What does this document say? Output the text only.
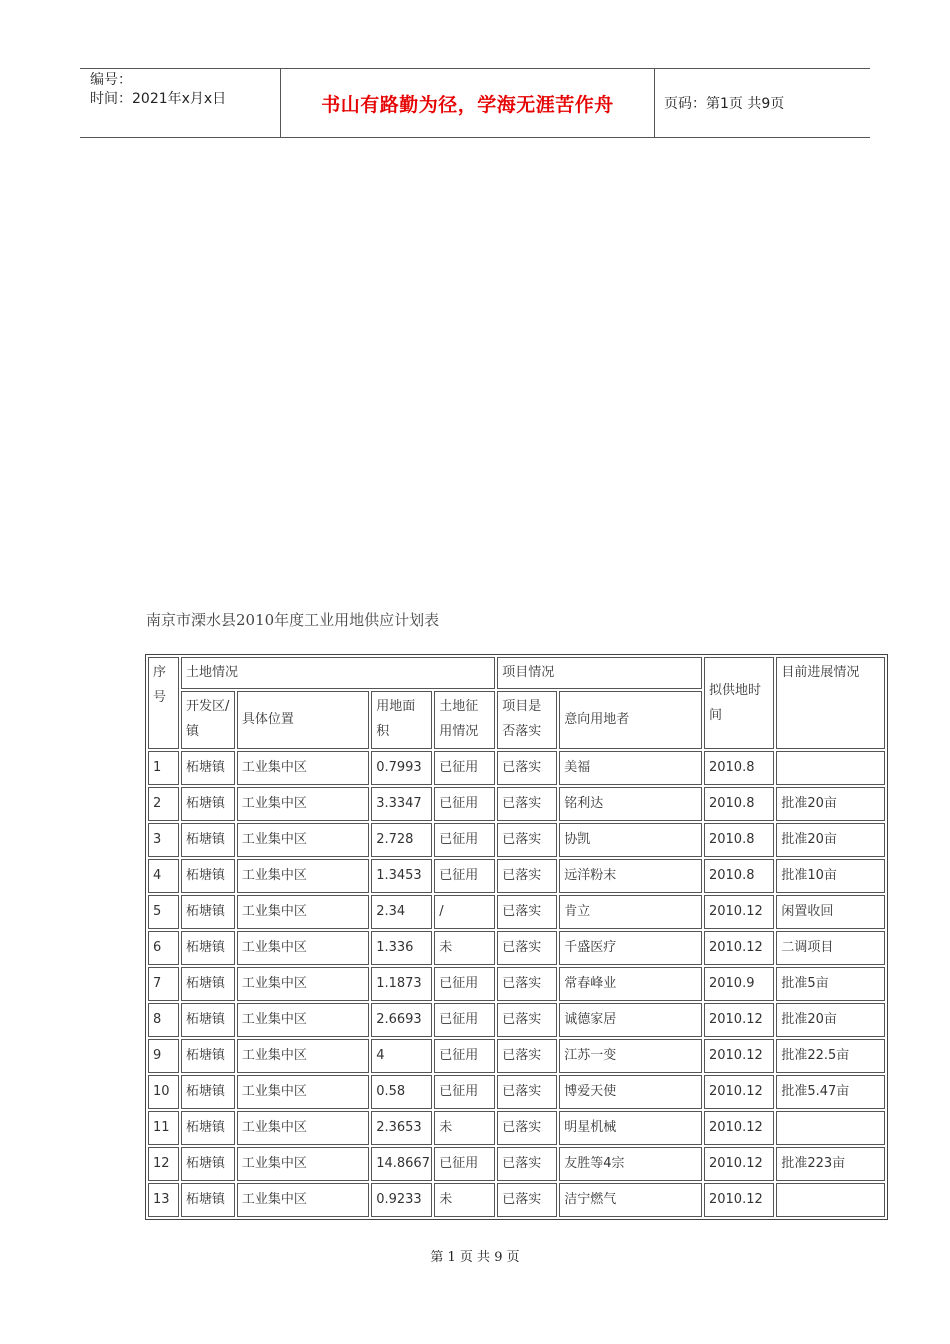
编号：
时间：2021年x月x日	书山有路勤为径，学海无涯苦作舟	页码：第1页 共9页
南京市溧水县2010年度工业用地供应计划表
序号	土地情况				项目情况		拟供地时间	目前进展情况
	开发区/镇	具体位置	用地面积	土地征用情况	项目是否落实	意向用地者		
1	柘塘镇	工业集中区	0.7993	已征用	已落实	美福	2010.8	
2	柘塘镇	工业集中区	3.3347	已征用	已落实	铭利达	2010.8	批准20亩
3	柘塘镇	工业集中区	2.728	已征用	已落实	协凯	2010.8	批准20亩
4	柘塘镇	工业集中区	1.3453	已征用	已落实	远洋粉末	2010.8	批准10亩
5	柘塘镇	工业集中区	2.34	/	已落实	肯立	2010.12	闲置收回
6	柘塘镇	工业集中区	1.336	未	已落实	千盛医疗	2010.12	二调项目
7	柘塘镇	工业集中区	1.1873	已征用	已落实	常春峰业	2010.9	批准5亩
8	柘塘镇	工业集中区	2.6693	已征用	已落实	诚德家居	2010.12	批准20亩
9	柘塘镇	工业集中区	4	已征用	已落实	江苏一变	2010.12	批准22.5亩
10	柘塘镇	工业集中区	0.58	已征用	已落实	博爱天使	2010.12	批准5.47亩
11	柘塘镇	工业集中区	2.3653	未	已落实	明星机械	2010.12	
12	柘塘镇	工业集中区	14.8667	已征用	已落实	友胜等4宗	2010.12	批准223亩
13	柘塘镇	工业集中区	0.9233	未	已落实	洁宁燃气	2010.12	
第 1 页 共 9 页
